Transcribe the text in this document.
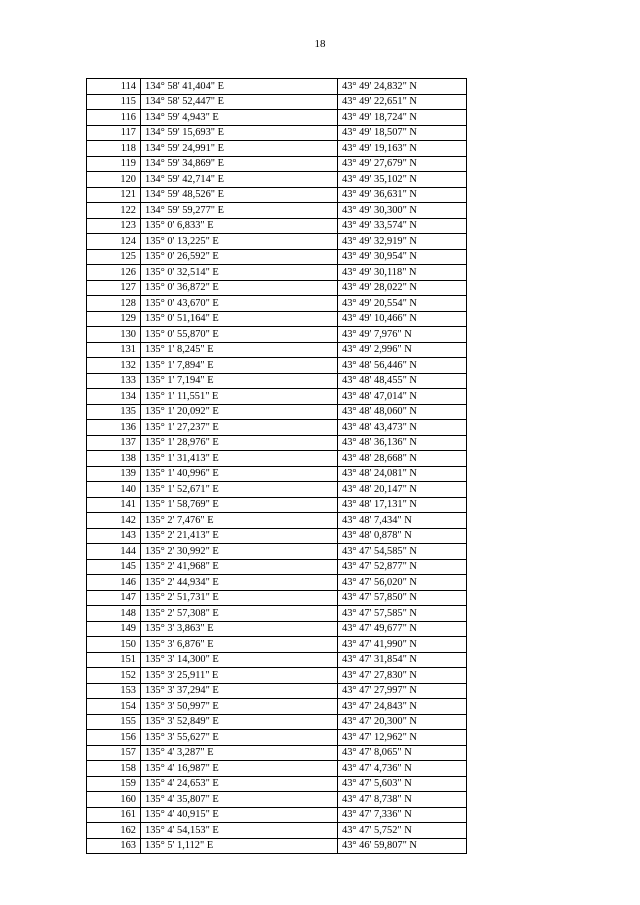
18
114	134° 58' 41,404" E	43° 49' 24,832" N
115	134° 58' 52,447" E	43° 49' 22,651" N
116	134° 59' 4,943" E	43° 49' 18,724" N
117	134° 59' 15,693" E	43° 49' 18,507" N
118	134° 59' 24,991" E	43° 49' 19,163" N
119	134° 59' 34,869" E	43° 49' 27,679" N
120	134° 59' 42,714" E	43° 49' 35,102" N
121	134° 59' 48,526" E	43° 49' 36,631" N
122	134° 59' 59,277" E	43° 49' 30,300" N
123	135° 0' 6,833" E	43° 49' 33,574" N
124	135° 0' 13,225" E	43° 49' 32,919" N
125	135° 0' 26,592" E	43° 49' 30,954" N
126	135° 0' 32,514" E	43° 49' 30,118" N
127	135° 0' 36,872" E	43° 49' 28,022" N
128	135° 0' 43,670" E	43° 49' 20,554" N
129	135° 0' 51,164" E	43° 49' 10,466" N
130	135° 0' 55,870" E	43° 49' 7,976" N
131	135° 1' 8,245" E	43° 49' 2,996" N
132	135° 1' 7,894" E	43° 48' 56,446" N
133	135° 1' 7,194" E	43° 48' 48,455" N
134	135° 1' 11,551" E	43° 48' 47,014" N
135	135° 1' 20,092" E	43° 48' 48,060" N
136	135° 1' 27,237" E	43° 48' 43,473" N
137	135° 1' 28,976" E	43° 48' 36,136" N
138	135° 1' 31,413" E	43° 48' 28,668" N
139	135° 1' 40,996" E	43° 48' 24,081" N
140	135° 1' 52,671" E	43° 48' 20,147" N
141	135° 1' 58,769" E	43° 48' 17,131" N
142	135° 2' 7,476" E	43° 48' 7,434" N
143	135° 2' 21,413" E	43° 48' 0,878" N
144	135° 2' 30,992" E	43° 47' 54,585" N
145	135° 2' 41,968" E	43° 47' 52,877" N
146	135° 2' 44,934" E	43° 47' 56,020" N
147	135° 2' 51,731" E	43° 47' 57,850" N
148	135° 2' 57,308" E	43° 47' 57,585" N
149	135° 3' 3,863" E	43° 47' 49,677" N
150	135° 3' 6,876" E	43° 47' 41,990" N
151	135° 3' 14,300" E	43° 47' 31,854" N
152	135° 3' 25,911" E	43° 47' 27,830" N
153	135° 3' 37,294" E	43° 47' 27,997" N
154	135° 3' 50,997" E	43° 47' 24,843" N
155	135° 3' 52,849" E	43° 47' 20,300" N
156	135° 3' 55,627" E	43° 47' 12,962" N
157	135° 4' 3,287" E	43° 47' 8,065" N
158	135° 4' 16,987" E	43° 47' 4,736" N
159	135° 4' 24,653" E	43° 47' 5,603" N
160	135° 4' 35,807" E	43° 47' 8,738" N
161	135° 4' 40,915" E	43° 47' 7,336" N
162	135° 4' 54,153" E	43° 47' 5,752" N
163	135° 5' 1,112" E	43° 46' 59,807" N
